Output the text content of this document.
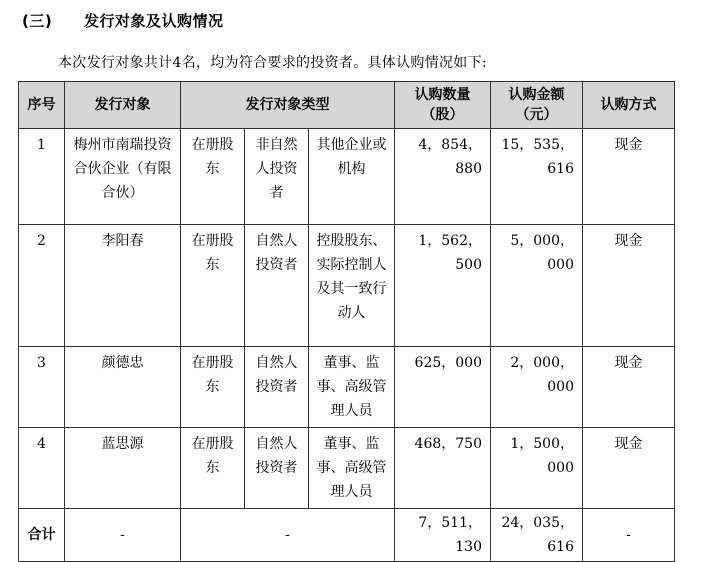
(三) 发行对象及认购情况
本次发行对象共计4名，均为符合要求的投资者。具体认购情况如下:
序号	发行对象	发行对象类型			认购数量（股）	认购金额（元）	认购方式
1	梅州市南瑞投资合伙企业（有限合伙）	在册股东	非自然人投资者	其他企业或机构	4，854，880	15，535，616	现金
2	李阳春	在册股东	自然人投资者	控股股东、实际控制人及其一致行动人	1，562，500	5，000，000	现金
3	颜德忠	在册股东	自然人投资者	董事、监事、高级管理人员	625，000	2，000，000	现金
4	蓝思源	在册股东	自然人投资者	董事、监事、高级管理人员	468，750	1，500，000	现金
合计	-	-			7，511，130	24，035，616	-
